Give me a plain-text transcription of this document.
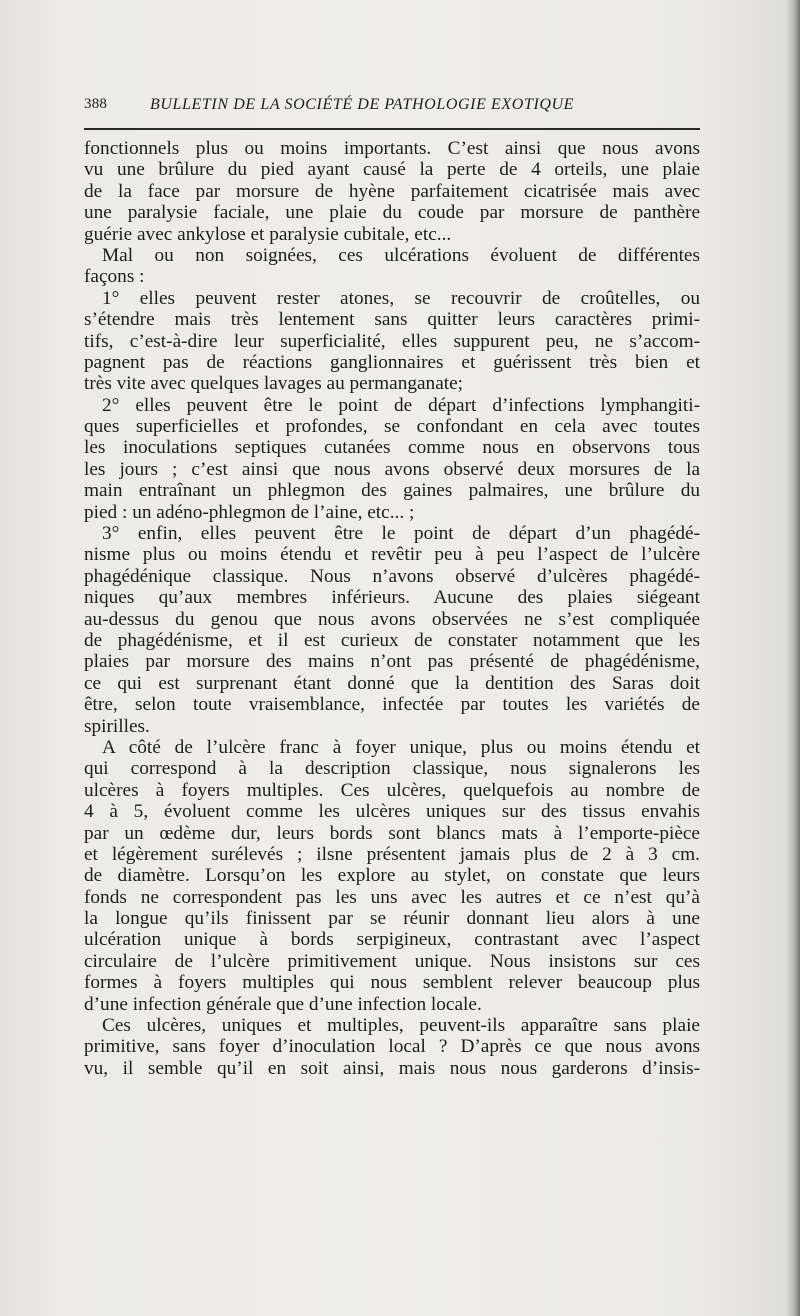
388	BULLETIN DE LA SOCIÉTÉ DE PATHOLOGIE EXOTIQUE
fonctionnels plus ou moins importants. C’est ainsi que nous avons
vu une brûlure du pied ayant causé la perte de 4 orteils, une plaie
de la face par morsure de hyène parfaitement cicatrisée mais avec
une paralysie faciale, une plaie du coude par morsure de panthère
guérie avec ankylose et paralysie cubitale, etc...
Mal ou non soignées, ces ulcérations évoluent de différentes
façons :
1° elles peuvent rester atones, se recouvrir de croûtelles, ou
s’étendre mais très lentement sans quitter leurs caractères primi-
tifs, c’est-à-dire leur superficialité, elles suppurent peu, ne s’accom-
pagnent pas de réactions ganglionnaires et guérissent très bien et
très vite avec quelques lavages au permanganate;
2° elles peuvent être le point de départ d’infections lymphangiti-
ques superficielles et profondes, se confondant en cela avec toutes
les inoculations septiques cutanées comme nous en observons tous
les jours ; c’est ainsi que nous avons observé deux morsures de la
main entraînant un phlegmon des gaines palmaires, une brûlure du
pied : un adéno-phlegmon de l’aine, etc... ;
3° enfin, elles peuvent être le point de départ d’un phagédé-
nisme plus ou moins étendu et revêtir peu à peu l’aspect de l’ulcère
phagédénique classique. Nous n’avons observé d’ulcères phagédé-
niques qu’aux membres inférieurs. Aucune des plaies siégeant
au-dessus du genou que nous avons observées ne s’est compliquée
de phagédénisme, et il est curieux de constater notamment que les
plaies par morsure des mains n’ont pas présenté de phagédénisme,
ce qui est surprenant étant donné que la dentition des Saras doit
être, selon toute vraisemblance, infectée par toutes les variétés de
spirilles.
A côté de l’ulcère franc à foyer unique, plus ou moins étendu et
qui correspond à la description classique, nous signalerons les
ulcères à foyers multiples. Ces ulcères, quelquefois au nombre de
4 à 5, évoluent comme les ulcères uniques sur des tissus envahis
par un œdème dur, leurs bords sont blancs mats à l’emporte-pièce
et légèrement surélevés ; ilsne présentent jamais plus de 2 à 3 cm.
de diamètre. Lorsqu’on les explore au stylet, on constate que leurs
fonds ne correspondent pas les uns avec les autres et ce n’est qu’à
la longue qu’ils finissent par se réunir donnant lieu alors à une
ulcération unique à bords serpigineux, contrastant avec l’aspect
circulaire de l’ulcère primitivement unique. Nous insistons sur ces
formes à foyers multiples qui nous semblent relever beaucoup plus
d’une infection générale que d’une infection locale.
Ces ulcères, uniques et multiples, peuvent-ils apparaître sans plaie
primitive, sans foyer d’inoculation local ? D’après ce que nous avons
vu, il semble qu’il en soit ainsi, mais nous nous garderons d’insis-
